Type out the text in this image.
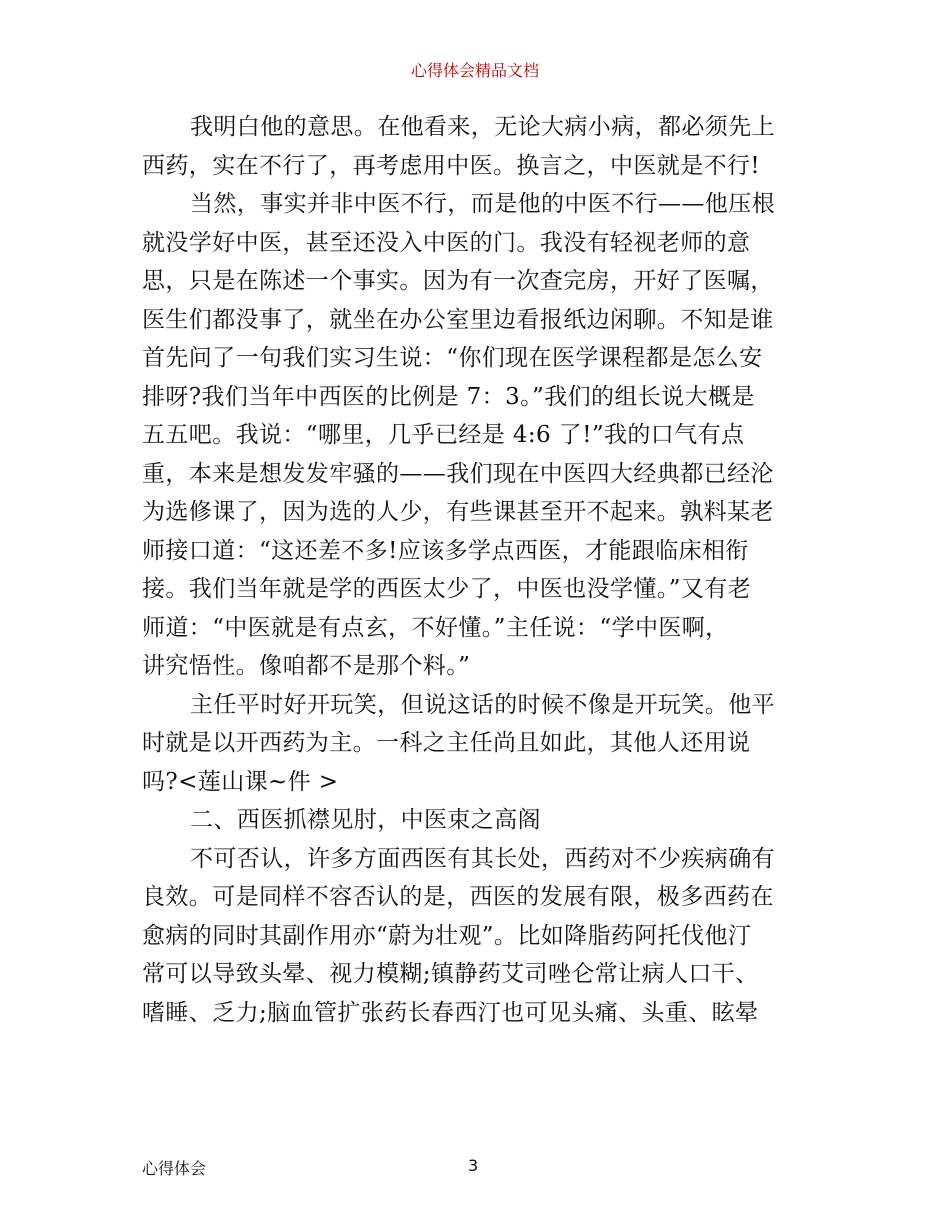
心得体会精品文档
我明白他的意思。在他看来，无论大病小病，都必须先上
西药，实在不行了，再考虑用中医。换言之，中医就是不行!
当然，事实并非中医不行，而是他的中医不行——他压根
就没学好中医，甚至还没入中医的门。我没有轻视老师的意
思，只是在陈述一个事实。因为有一次查完房，开好了医嘱，
医生们都没事了，就坐在办公室里边看报纸边闲聊。不知是谁
首先问了一句我们实习生说：“你们现在医学课程都是怎么安
排呀?我们当年中西医的比例是 7：3。”我们的组长说大概是
五五吧。我说：“哪里，几乎已经是 4:6 了!”我的口气有点
重，本来是想发发牢骚的——我们现在中医四大经典都已经沦
为选修课了，因为选的人少，有些课甚至开不起来。孰料某老
师接口道：“这还差不多!应该多学点西医，才能跟临床相衔
接。我们当年就是学的西医太少了，中医也没学懂。”又有老
师道：“中医就是有点玄，不好懂。”主任说：“学中医啊，
讲究悟性。像咱都不是那个料。”
主任平时好开玩笑，但说这话的时候不像是开玩笑。他平
时就是以开西药为主。一科之主任尚且如此，其他人还用说
吗?<莲山课~件 >
二、西医抓襟见肘，中医束之高阁
不可否认，许多方面西医有其长处，西药对不少疾病确有
良效。可是同样不容否认的是，西医的发展有限，极多西药在
愈病的同时其副作用亦“蔚为壮观”。比如降脂药阿托伐他汀
常可以导致头晕、视力模糊;镇静药艾司唑仑常让病人口干、
嗜睡、乏力;脑血管扩张药长春西汀也可见头痛、头重、眩晕
心得体会	3
